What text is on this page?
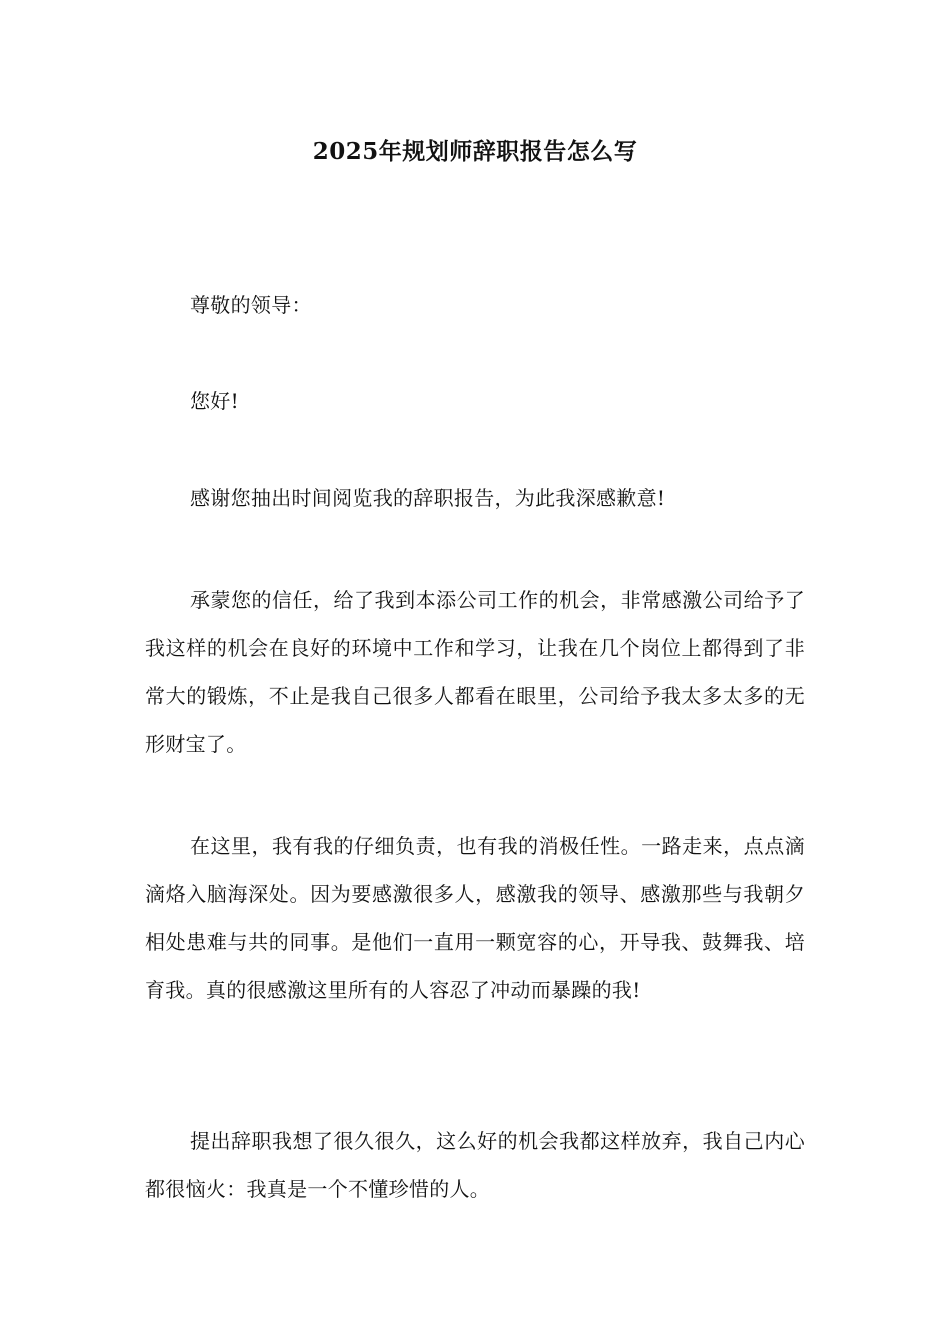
2025年规划师辞职报告怎么写

尊敬的领导：

您好!

感谢您抽出时间阅览我的辞职报告，为此我深感歉意!

承蒙您的信任，给了我到本添公司工作的机会，非常感激公司给予了我这样的机会在良好的环境中工作和学习，让我在几个岗位上都得到了非常大的锻炼，不止是我自己很多人都看在眼里，公司给予我太多太多的无形财宝了。

在这里，我有我的仔细负责，也有我的消极任性。一路走来，点点滴滴烙入脑海深处。因为要感激很多人，感激我的领导、感激那些与我朝夕相处患难与共的同事。是他们一直用一颗宽容的心，开导我、鼓舞我、培育我。真的很感激这里所有的人容忍了冲动而暴躁的我!

提出辞职我想了很久很久，这么好的机会我都这样放弃，我自己内心都很恼火：我真是一个不懂珍惜的人。
